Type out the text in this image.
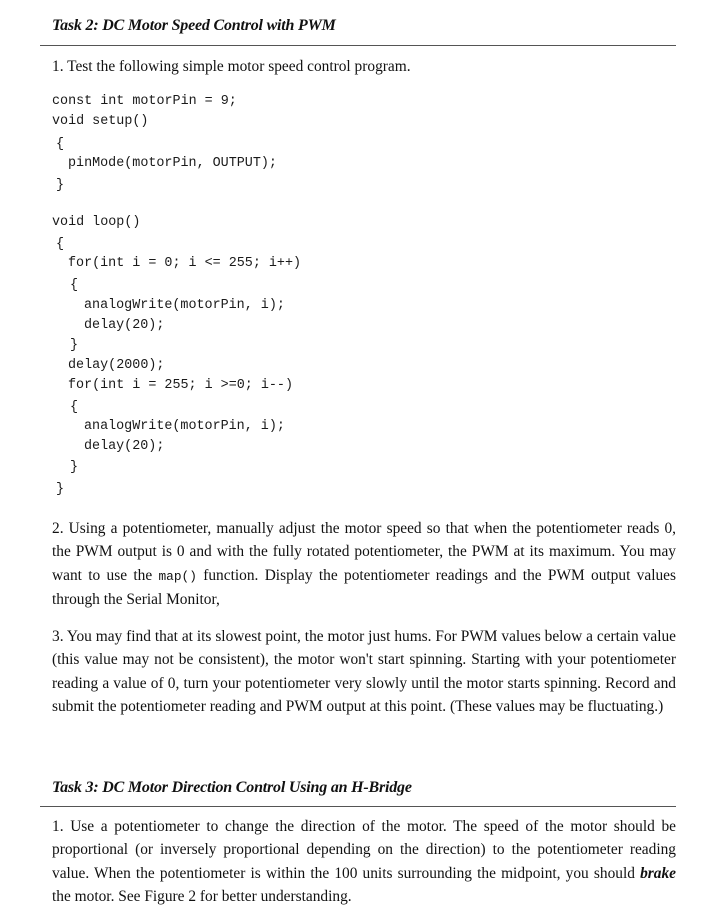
Task 2: DC Motor Speed Control with PWM
1. Test the following simple motor speed control program.
const int motorPin = 9;
void setup()
{
pinMode(motorPin, OUTPUT);
}
void loop()
{
for(int i = 0; i <= 255; i++)
{
analogWrite(motorPin, i);
delay(20);
}
delay(2000);
for(int i = 255; i >=0; i--)
{
analogWrite(motorPin, i);
delay(20);
}
}
2. Using a potentiometer, manually adjust the motor speed so that when the potentiometer reads 0, the PWM output is 0 and with the fully rotated potentiometer, the PWM at its maximum. You may want to use the map() function. Display the potentiometer readings and the PWM output values through the Serial Monitor,
3. You may find that at its slowest point, the motor just hums. For PWM values below a certain value (this value may not be consistent), the motor won't start spinning. Starting with your potentiometer reading a value of 0, turn your potentiometer very slowly until the motor starts spinning. Record and submit the potentiometer reading and PWM output at this point. (These values may be fluctuating.)
Task 3: DC Motor Direction Control Using an H-Bridge
1. Use a potentiometer to change the direction of the motor. The speed of the motor should be proportional (or inversely proportional depending on the direction) to the potentiometer reading value. When the potentiometer is within the 100 units surrounding the midpoint, you should brake the motor. See Figure 2 for better understanding.
